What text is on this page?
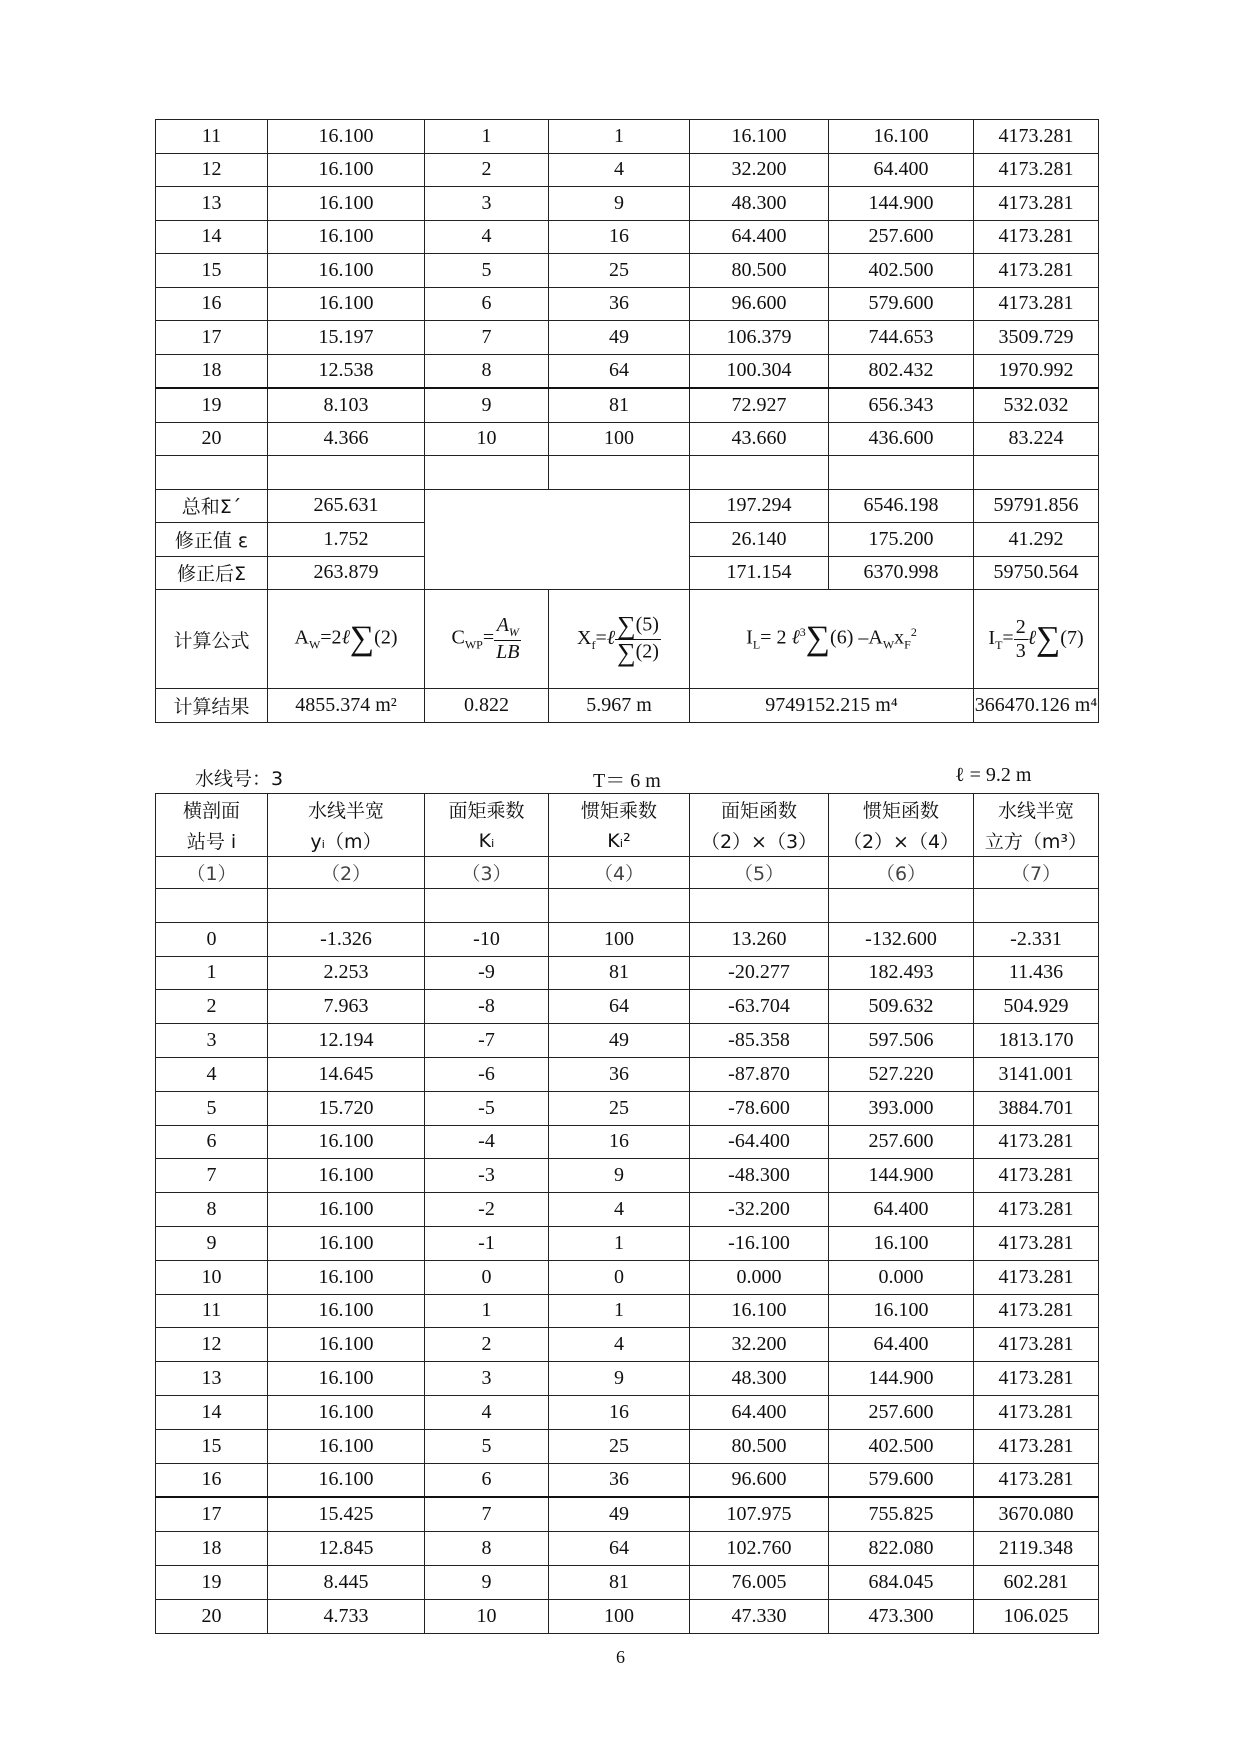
11	16.100	1	1	16.100	16.100	4173.281
12	16.100	2	4	32.200	64.400	4173.281
13	16.100	3	9	48.300	144.900	4173.281
14	16.100	4	16	64.400	257.600	4173.281
15	16.100	5	25	80.500	402.500	4173.281
16	16.100	6	36	96.600	579.600	4173.281
17	15.197	7	49	106.379	744.653	3509.729
18	12.538	8	64	100.304	802.432	1970.992
19	8.103	9	81	72.927	656.343	532.032
20	4.366	10	100	43.660	436.600	83.224

总和Σ´	265.631			197.294	6546.198	59791.856
修正值 ε	1.752			26.140	175.200	41.292
修正后Σ	263.879			171.154	6370.998	59750.564
计算公式	$A_W=2\ell\sum(2)$	$C_{WP}= \frac{A_W}{LB}$	$X_f=\ell \frac{\sum(5)}{\sum(2)}$	$I_L= 2$ ℓ$^3$∑(6) $-A_Wx_F^2$		$I_T= \frac{2}{3}$ ℓ∑(7)
计算结果	4855.374 m²	0.822	5.967 m	9749152.215 m⁴		366470.126 m⁴
水线号：3	T＝ 6 m	ℓ = 9.2 m
横剖面	水线半宽	面矩乘数	惯矩乘数	面矩函数	惯矩函数	水线半宽
站号 i	yᵢ（m）	Kᵢ	Kᵢ²	（2）×（3）	（2）×（4）	立方（m³）
（1）	（2）	（3）	（4）	（5）	（6）	（7）

0	-1.326	-10	100	13.260	-132.600	-2.331
1	2.253	-9	81	-20.277	182.493	11.436
2	7.963	-8	64	-63.704	509.632	504.929
3	12.194	-7	49	-85.358	597.506	1813.170
4	14.645	-6	36	-87.870	527.220	3141.001
5	15.720	-5	25	-78.600	393.000	3884.701
6	16.100	-4	16	-64.400	257.600	4173.281
7	16.100	-3	9	-48.300	144.900	4173.281
8	16.100	-2	4	-32.200	64.400	4173.281
9	16.100	-1	1	-16.100	16.100	4173.281
10	16.100	0	0	0.000	0.000	4173.281
11	16.100	1	1	16.100	16.100	4173.281
12	16.100	2	4	32.200	64.400	4173.281
13	16.100	3	9	48.300	144.900	4173.281
14	16.100	4	16	64.400	257.600	4173.281
15	16.100	5	25	80.500	402.500	4173.281
16	16.100	6	36	96.600	579.600	4173.281
17	15.425	7	49	107.975	755.825	3670.080
18	12.845	8	64	102.760	822.080	2119.348
19	8.445	9	81	76.005	684.045	602.281
20	4.733	10	100	47.330	473.300	106.025
6
